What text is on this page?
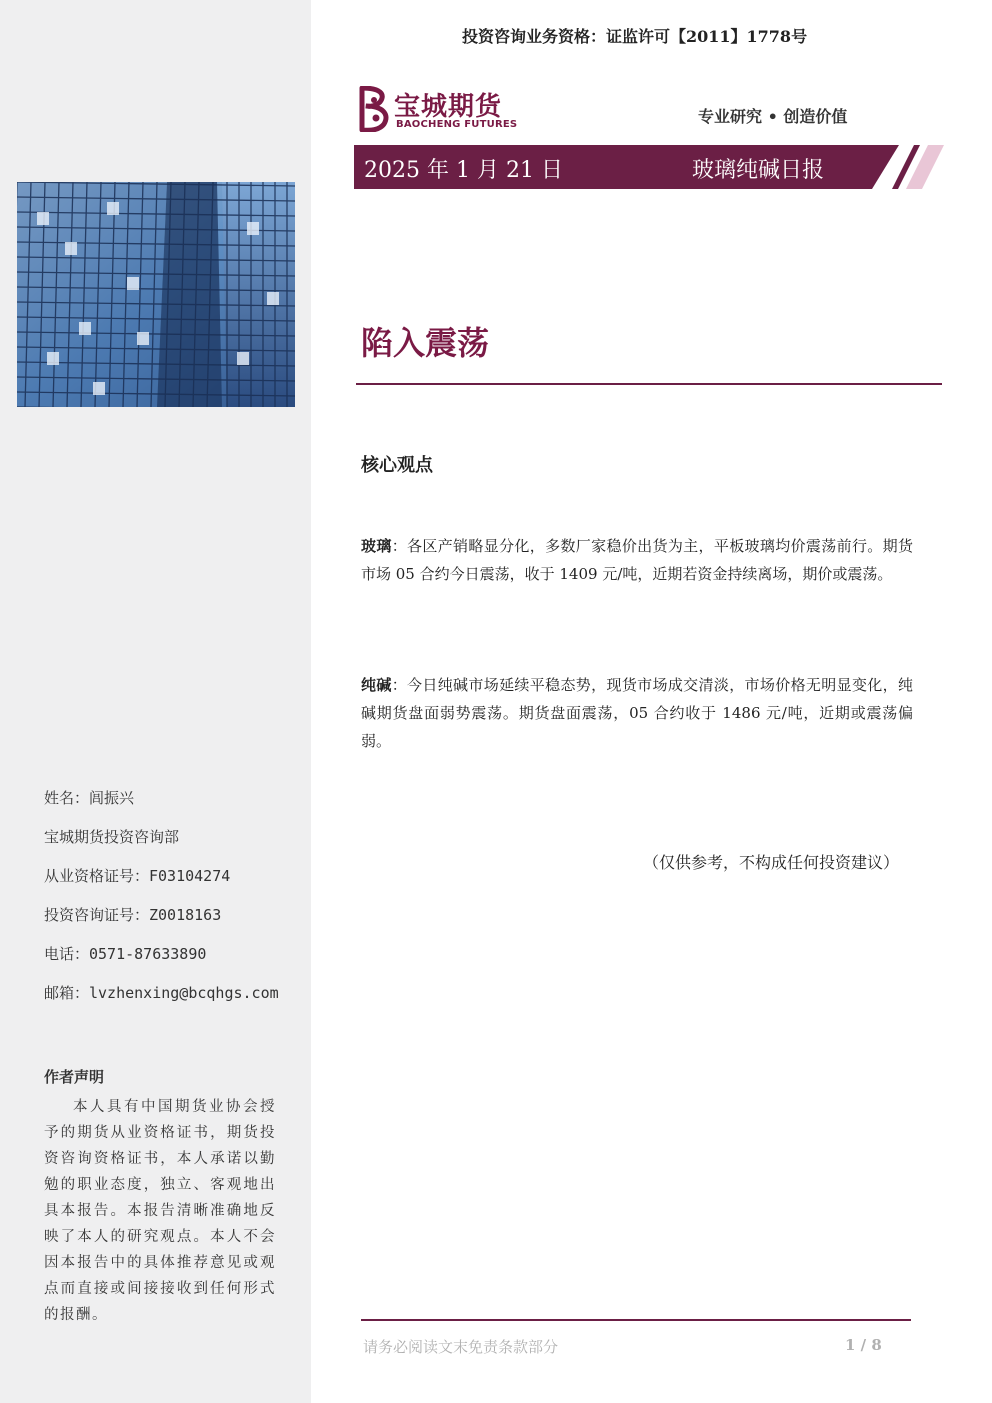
姓名：闾振兴
宝城期货投资咨询部
从业资格证号：F03104274
投资咨询证号：Z0018163
电话：0571-87633890
邮箱：lvzhenxing@bcqhgs.com
作者声明
本人具有中国期货业协会授予的期货从业资格证书，期货投资咨询资格证书，本人承诺以勤勉的职业态度，独立、客观地出具本报告。本报告清晰准确地反映了本人的研究观点。本人不会因本报告中的具体推荐意见或观点而直接或间接接收到任何形式的报酬。
投资咨询业务资格：证监许可【2011】1778号
宝城期货
BAOCHENG FUTURES	专业研究 • 创造价值
2025 年 1 月 21 日	玻璃纯碱日报
陷入震荡
核心观点
玻璃：各区产销略显分化，多数厂家稳价出货为主，平板玻璃均价震荡前行。期货市场 05 合约今日震荡，收于 1409 元/吨，近期若资金持续离场，期价或震荡。
纯碱：今日纯碱市场延续平稳态势，现货市场成交清淡，市场价格无明显变化，纯碱期货盘面弱势震荡。期货盘面震荡，05 合约收于 1486 元/吨，近期或震荡偏弱。
（仅供参考，不构成任何投资建议）
请务必阅读文末免责条款部分	1 / 8
